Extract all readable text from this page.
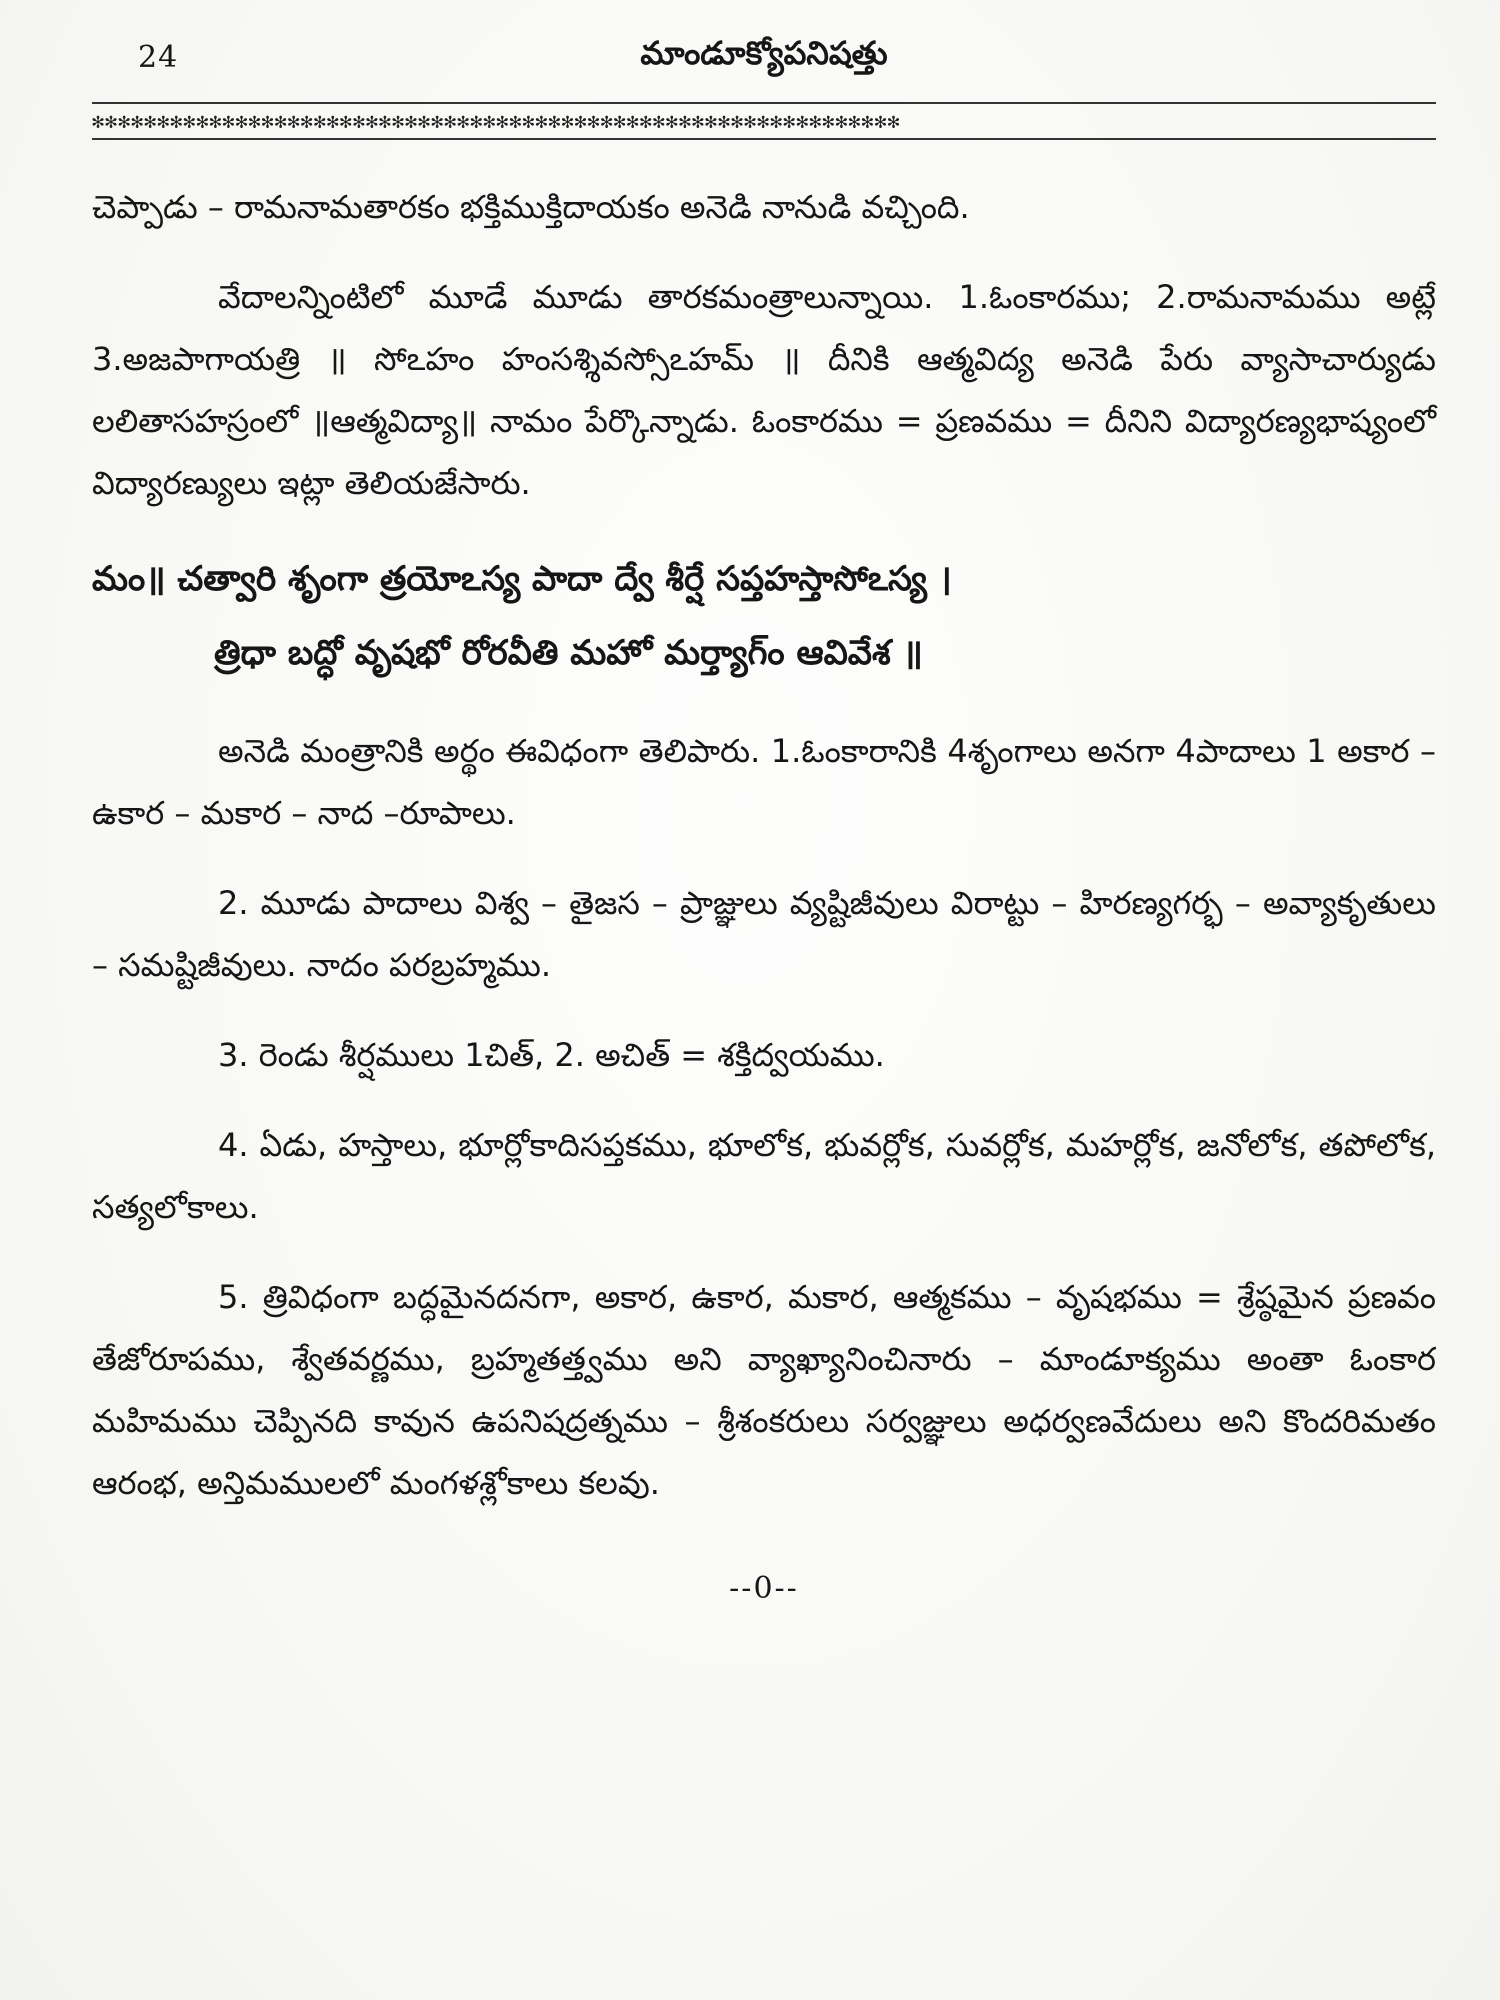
24	మాండూక్యోపనిషత్తు
✻✻✻✻✻✻✻✻✻✻✻✻✻✻✻✻✻✻✻✻✻✻✻✻✻✻✻✻✻✻✻✻✻✻✻✻✻✻✻✻✻✻✻✻✻✻✻✻✻✻✻✻✻✻✻✻✻✻✻✻✻✻

చెప్పాడు – రామనామతారకం భక్తిముక్తిదాయకం అనెడి నానుడి వచ్చింది.

వేదాలన్నింటిలో మూడే మూడు తారకమంత్రాలున్నాయి. 1.ఓంకారము; 2.రామనామము అట్లే 3.అజపాగాయత్రి ॥ సోఽహం హంసశ్శివస్సోఽహమ్ ॥ దీనికి ఆత్మవిద్య అనెడి పేరు వ్యాసాచార్యుడు లలితాసహస్రంలో ॥ఆత్మవిద్యా॥ నామం పేర్కొన్నాడు. ఓంకారము = ప్రణవము = దీనిని విద్యారణ్యభాష్యంలో విద్యారణ్యులు ఇట్లా తెలియజేసారు.

మం॥ చత్వారి శృంగా త్రయోఽస్య పాదా ద్వే శీర్షే సప్తహస్తాసోఽస్య ।
త్రిధా బద్ధో వృషభో రోరవీతి మహో మర్త్యాగ్ం ఆవివేశ ॥

అనెడి మంత్రానికి అర్థం ఈవిధంగా తెలిపారు. 1.ఓంకారానికి 4శృంగాలు అనగా 4పాదాలు 1 అకార – ఉకార – మకార – నాద –రూపాలు.

2. మూడు పాదాలు విశ్వ – తైజస – ప్రాజ్ఞులు వ్యష్టిజీవులు విరాట్టు – హిరణ్యగర్భ – అవ్యాకృతులు – సమష్టిజీవులు. నాదం పరబ్రహ్మము.

3. రెండు శీర్షములు 1చిత్, 2. అచిత్ = శక్తిద్వయము.

4. ఏడు, హస్తాలు, భూర్లోకాదిసప్తకము, భూలోక, భువర్లోక, సువర్లోక, మహర్లోక, జనోలోక, తపోలోక, సత్యలోకాలు.

5. త్రివిధంగా బద్ధమైనదనగా, అకార, ఉకార, మకార, ఆత్మకము – వృషభము = శ్రేష్ఠమైన ప్రణవం తేజోరూపము, శ్వేతవర్ణము, బ్రహ్మతత్త్వము అని వ్యాఖ్యానించినారు – మాండూక్యము అంతా ఓంకార మహిమము చెప్పినది కావున ఉపనిషద్రత్నము – శ్రీశంకరులు సర్వజ్ఞులు అధర్వణవేదులు అని కొందరిమతం ఆరంభ, అన్తిమములలో మంగళశ్లోకాలు కలవు.

--0--
